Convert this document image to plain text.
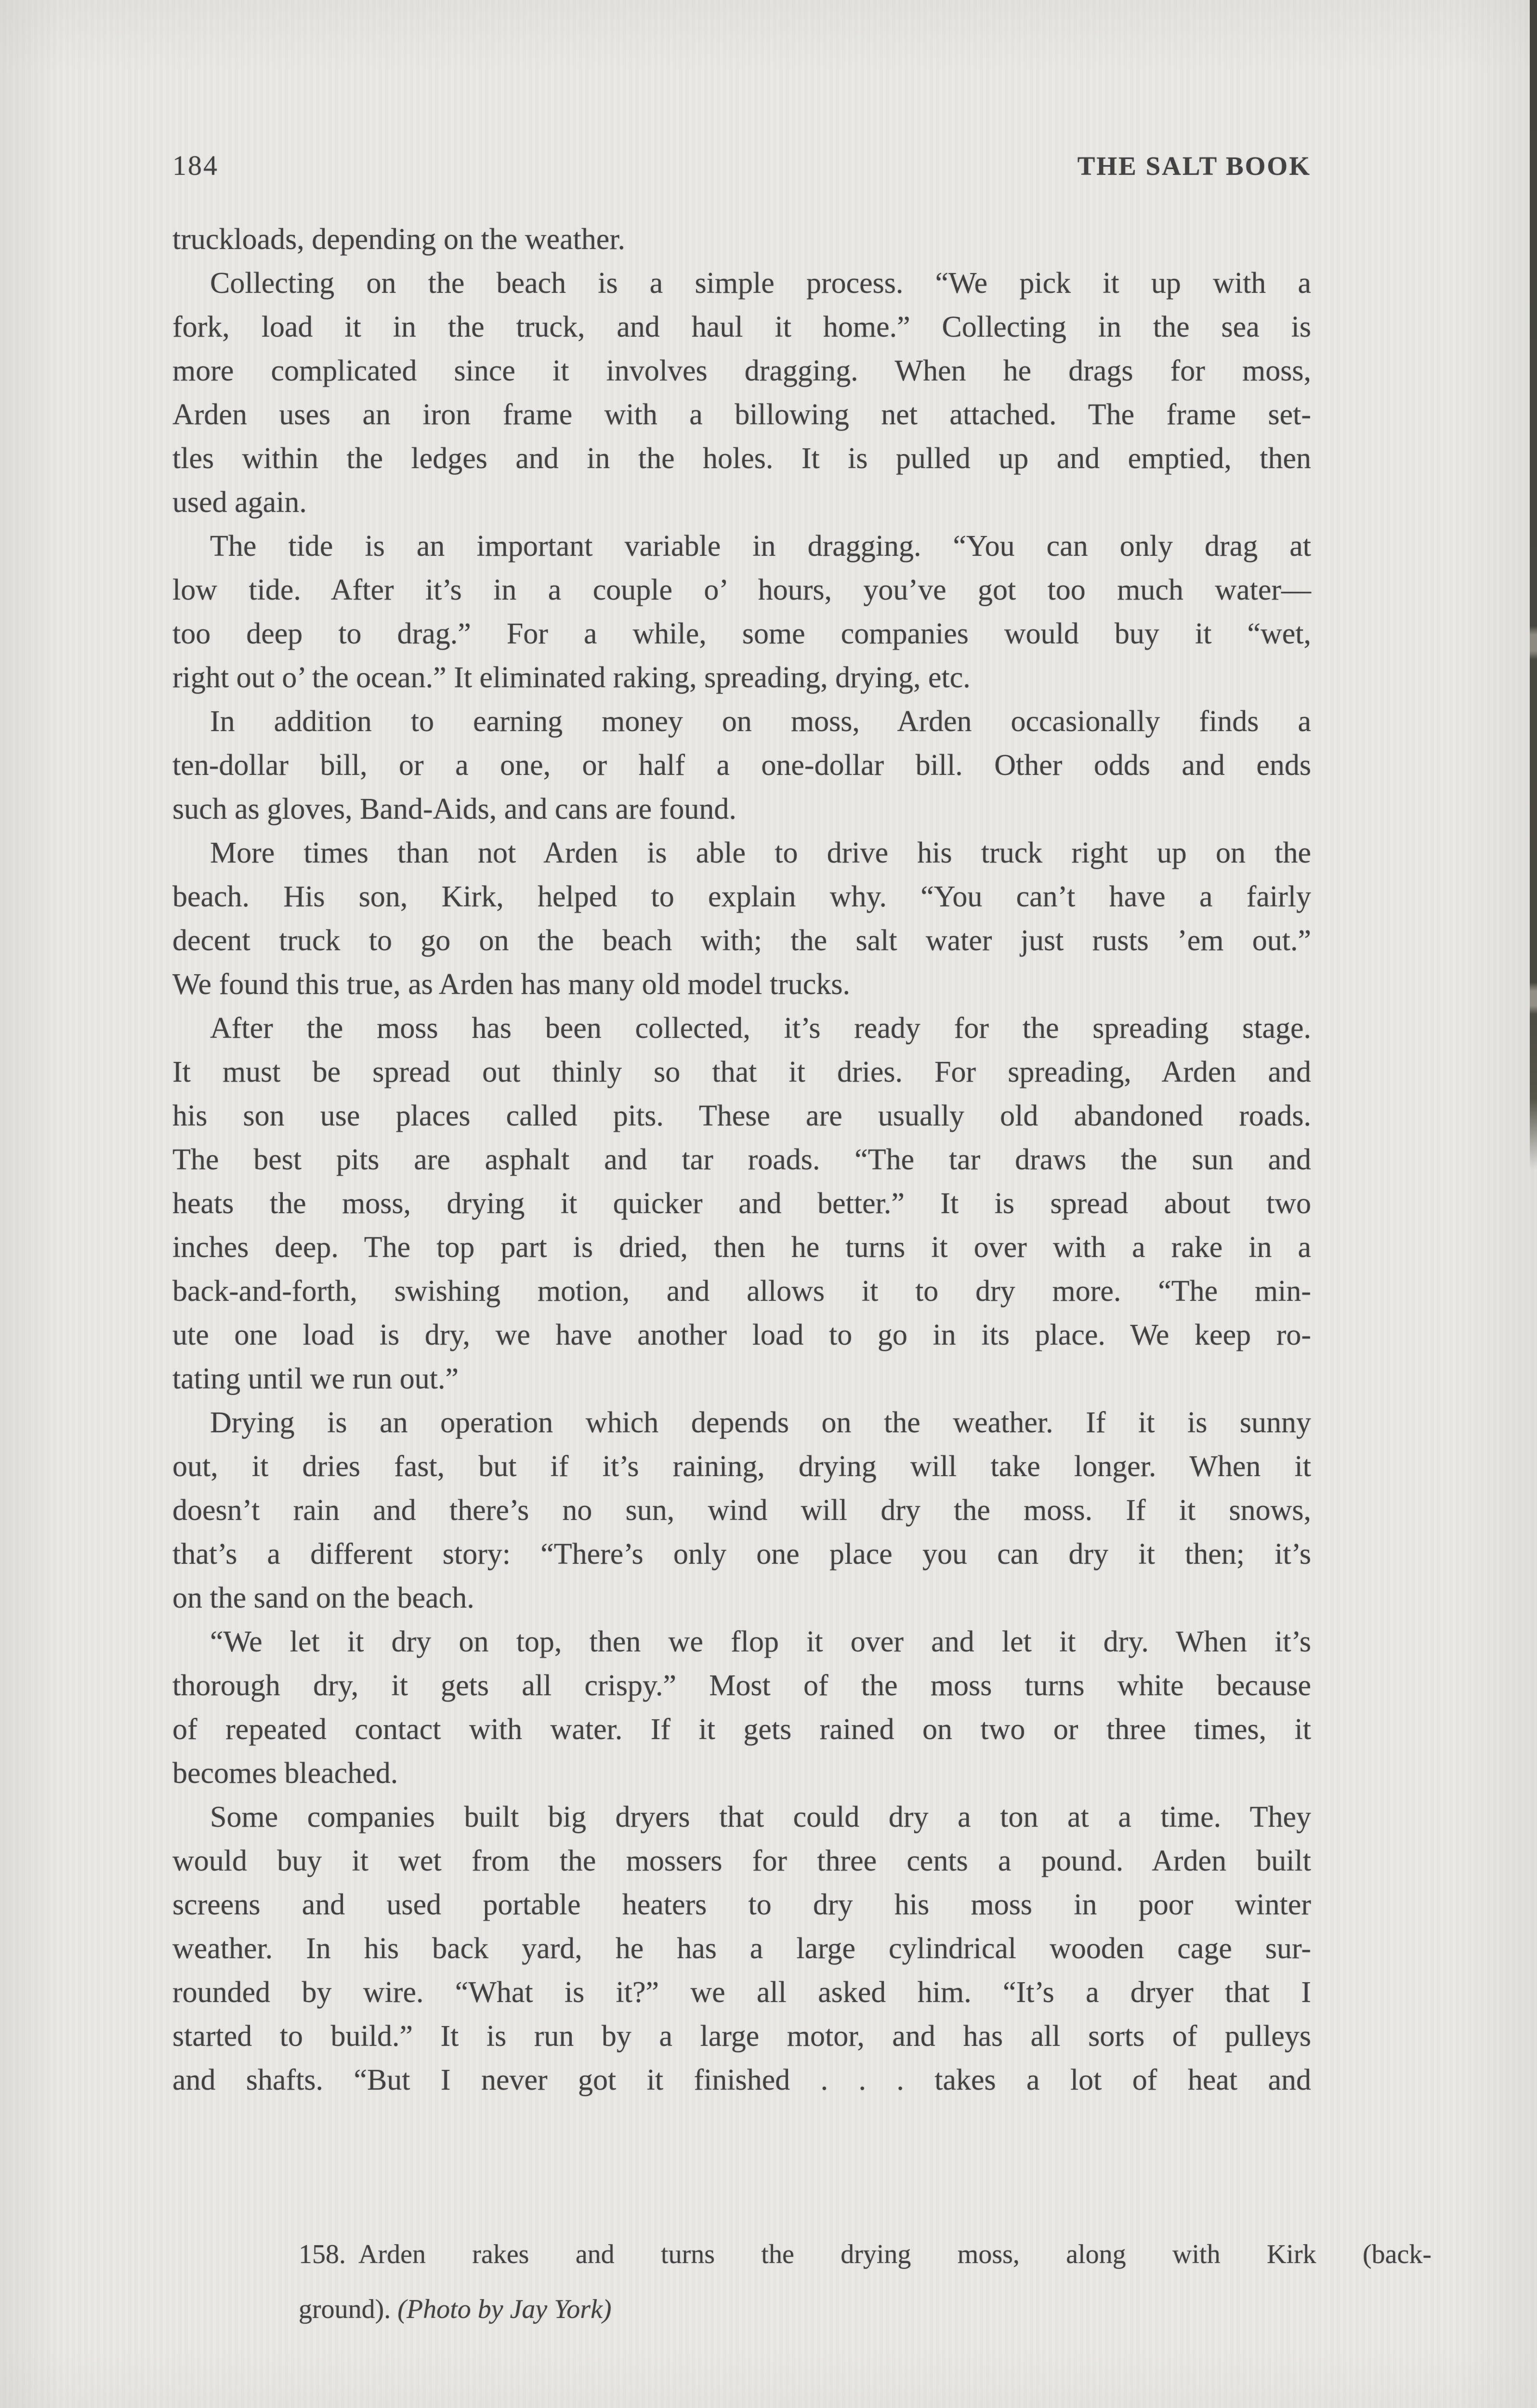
184	THE SALT BOOK
truckloads, depending on the weather.
Collecting on the beach is a simple process. “We pick it up with a
fork, load it in the truck, and haul it home.” Collecting in the sea is
more complicated since it involves dragging. When he drags for moss,
Arden uses an iron frame with a billowing net attached. The frame set-
tles within the ledges and in the holes. It is pulled up and emptied, then
used again.
The tide is an important variable in dragging. “You can only drag at
low tide. After it’s in a couple o’ hours, you’ve got too much water—
too deep to drag.” For a while, some companies would buy it “wet,
right out o’ the ocean.” It eliminated raking, spreading, drying, etc.
In addition to earning money on moss, Arden occasionally finds a
ten-dollar bill, or a one, or half a one-dollar bill. Other odds and ends
such as gloves, Band-Aids, and cans are found.
More times than not Arden is able to drive his truck right up on the
beach. His son, Kirk, helped to explain why. “You can’t have a fairly
decent truck to go on the beach with; the salt water just rusts ’em out.”
We found this true, as Arden has many old model trucks.
After the moss has been collected, it’s ready for the spreading stage.
It must be spread out thinly so that it dries. For spreading, Arden and
his son use places called pits. These are usually old abandoned roads.
The best pits are asphalt and tar roads. “The tar draws the sun and
heats the moss, drying it quicker and better.” It is spread about two
inches deep. The top part is dried, then he turns it over with a rake in a
back-and-forth, swishing motion, and allows it to dry more. “The min-
ute one load is dry, we have another load to go in its place. We keep ro-
tating until we run out.”
Drying is an operation which depends on the weather. If it is sunny
out, it dries fast, but if it’s raining, drying will take longer. When it
doesn’t rain and there’s no sun, wind will dry the moss. If it snows,
that’s a different story: “There’s only one place you can dry it then; it’s
on the sand on the beach.
“We let it dry on top, then we flop it over and let it dry. When it’s
thorough dry, it gets all crispy.” Most of the moss turns white because
of repeated contact with water. If it gets rained on two or three times, it
becomes bleached.
Some companies built big dryers that could dry a ton at a time. They
would buy it wet from the mossers for three cents a pound. Arden built
screens and used portable heaters to dry his moss in poor winter
weather. In his back yard, he has a large cylindrical wooden cage sur-
rounded by wire. “What is it?” we all asked him. “It’s a dryer that I
started to build.” It is run by a large motor, and has all sorts of pulleys
and shafts. “But I never got it finished . . . takes a lot of heat and
158. Arden rakes and turns the drying moss, along with Kirk (back-
ground). (Photo by Jay York)
